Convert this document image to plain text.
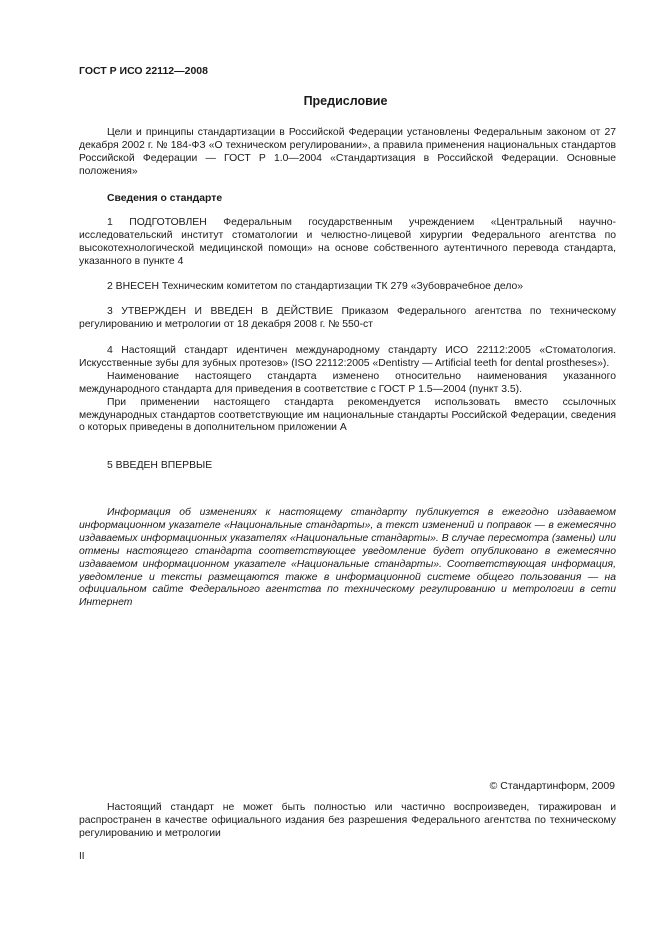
ГОСТ Р ИСО 22112—2008
Предисловие

Цели и принципы стандартизации в Российской Федерации установлены Федеральным законом от 27 декабря 2002 г. № 184-ФЗ «О техническом регулировании», а правила применения национальных стандартов Российской Федерации — ГОСТ Р 1.0—2004 «Стандартизация в Российской Федерации. Основные положения»

Сведения о стандарте

1 ПОДГОТОВЛЕН Федеральным государственным учреждением «Центральный научно-исследовательский институт стоматологии и челюстно-лицевой хирургии Федерального агентства по высокотехнологической медицинской помощи» на основе собственного аутентичного перевода стандарта, указанного в пункте 4

2 ВНЕСЕН Техническим комитетом по стандартизации ТК 279 «Зубоврачебное дело»

3 УТВЕРЖДЕН И ВВЕДЕН В ДЕЙСТВИЕ Приказом Федерального агентства по техническому регулированию и метрологии от 18 декабря 2008 г. № 550-ст

4 Настоящий стандарт идентичен международному стандарту ИСО 22112:2005 «Стоматология. Искусственные зубы для зубных протезов» (ISO 22112:2005 «Dentistry — Artificial teeth for dental prostheses»).

Наименование настоящего стандарта изменено относительно наименования указанного международного стандарта для приведения в соответствие с ГОСТ Р 1.5—2004 (пункт 3.5).

При применении настоящего стандарта рекомендуется использовать вместо ссылочных международных стандартов соответствующие им национальные стандарты Российской Федерации, сведения о которых приведены в дополнительном приложении А

5 ВВЕДЕН ВПЕРВЫЕ

Информация об изменениях к настоящему стандарту публикуется в ежегодно издаваемом информационном указателе «Национальные стандарты», а текст изменений и поправок — в ежемесячно издаваемых информационных указателях «Национальные стандарты». В случае пересмотра (замены) или отмены настоящего стандарта соответствующее уведомление будет опубликовано в ежемесячно издаваемом информационном указателе «Национальные стандарты». Соответствующая информация, уведомление и тексты размещаются также в информационной системе общего пользования — на официальном сайте Федерального агентства по техническому регулированию и метрологии в сети Интернет

© Стандартинформ, 2009

Настоящий стандарт не может быть полностью или частично воспроизведен, тиражирован и распространен в качестве официального издания без разрешения Федерального агентства по техническому регулированию и метрологии

II
